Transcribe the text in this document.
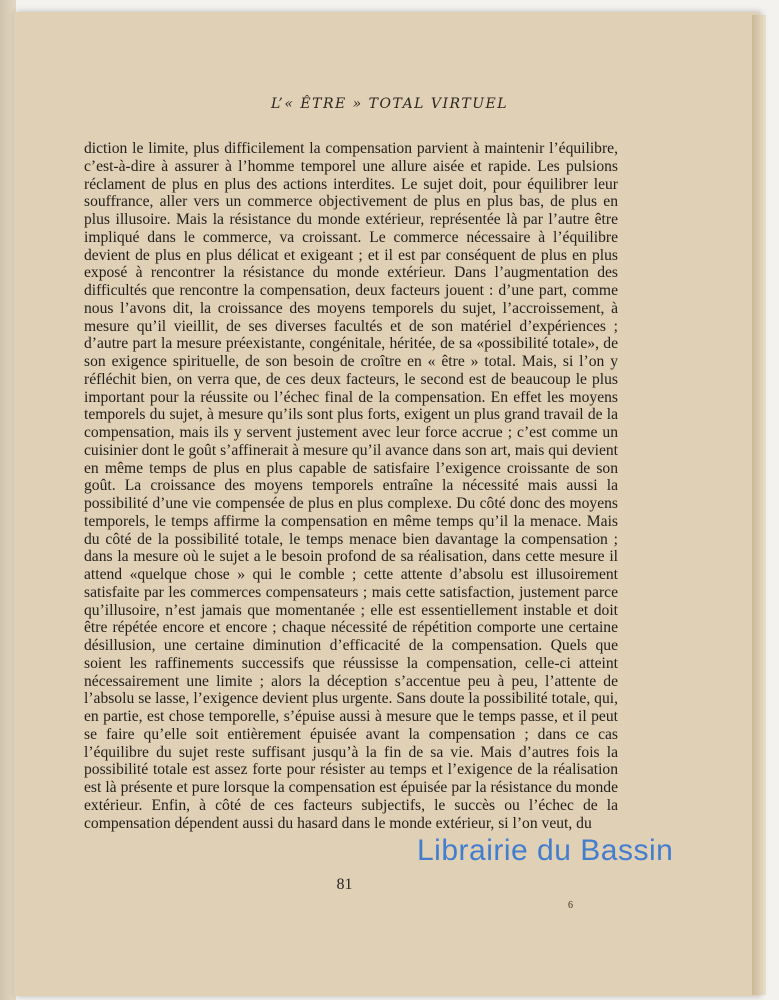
L’« ÊTRE » TOTAL VIRTUEL
diction le limite, plus difficilement la compensation parvient à maintenir l’équilibre, c’est-à-dire à assurer à l’homme temporel une allure aisée et rapide. Les pulsions réclament de plus en plus des actions interdites. Le sujet doit, pour équilibrer leur souffrance, aller vers un commerce objectivement de plus en plus bas, de plus en plus illusoire. Mais la résistance du monde extérieur, représentée là par l’autre être impliqué dans le commerce, va croissant. Le commerce nécessaire à l’équilibre devient de plus en plus délicat et exigeant ; et il est par conséquent de plus en plus exposé à rencontrer la résistance du monde extérieur. Dans l’augmentation des difficultés que rencontre la compensation, deux facteurs jouent : d’une part, comme nous l’avons dit, la croissance des moyens temporels du sujet, l’accroissement, à mesure qu’il vieillit, de ses diverses facultés et de son matériel d’expériences ; d’autre part la mesure préexistante, congénitale, héritée, de sa «possibilité totale», de son exigence spirituelle, de son besoin de croître en « être » total. Mais, si l’on y réfléchit bien, on verra que, de ces deux facteurs, le second est de beaucoup le plus important pour la réussite ou l’échec final de la compensation. En effet les moyens temporels du sujet, à mesure qu’ils sont plus forts, exigent un plus grand travail de la compensation, mais ils y servent justement avec leur force accrue ; c’est comme un cuisinier dont le goût s’affinerait à mesure qu’il avance dans son art, mais qui devient en même temps de plus en plus capable de satisfaire l’exigence croissante de son goût. La croissance des moyens temporels entraîne la nécessité mais aussi la possibilité d’une vie compensée de plus en plus complexe. Du côté donc des moyens temporels, le temps affirme la compensation en même temps qu’il la menace. Mais du côté de la possibilité totale, le temps menace bien davantage la compensation ; dans la mesure où le sujet a le besoin profond de sa réalisation, dans cette mesure il attend «quelque chose » qui le comble ; cette attente d’absolu est illusoirement satisfaite par les commerces compensateurs ; mais cette satisfaction, justement parce qu’illusoire, n’est jamais que momentanée ; elle est essentiellement instable et doit être répétée encore et encore ; chaque nécessité de répétition comporte une certaine désillusion, une certaine diminution d’efficacité de la compensation. Quels que soient les raffinements successifs que réussisse la compensation, celle-ci atteint nécessairement une limite ; alors la déception s’accentue peu à peu, l’attente de l’absolu se lasse, l’exigence devient plus urgente. Sans doute la possibilité totale, qui, en partie, est chose temporelle, s’épuise aussi à mesure que le temps passe, et il peut se faire qu’elle soit entièrement épuisée avant la compensation ; dans ce cas l’équilibre du sujet reste suffisant jusqu’à la fin de sa vie. Mais d’autres fois la possibilité totale est assez forte pour résister au temps et l’exigence de la réalisation est là présente et pure lorsque la compensation est épuisée par la résistance du monde extérieur. Enfin, à côté de ces facteurs subjectifs, le succès ou l’échec de la compensation dépendent aussi du hasard dans le monde extérieur, si l’on veut, du
81
6
Librairie du Bassin
